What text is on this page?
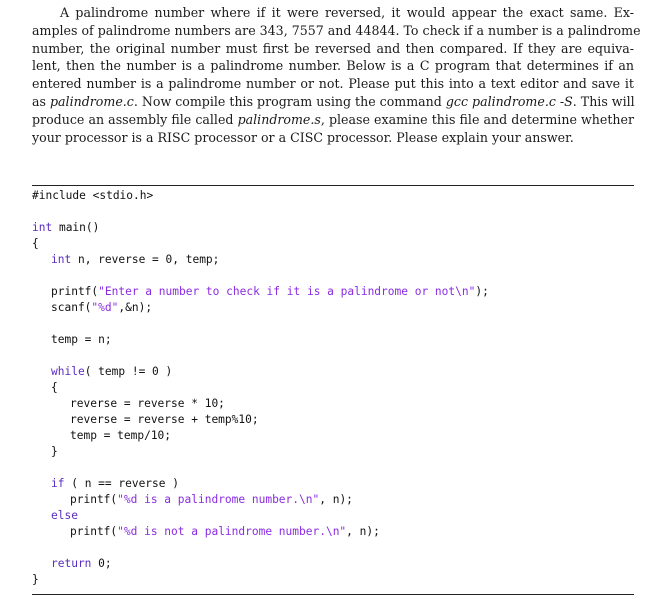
A palindrome number where if it were reversed, it would appear the exact same. Ex-
amples of palindrome numbers are 343, 7557 and 44844. To check if a number is a palindrome
number, the original number must first be reversed and then compared. If they are equiva-
lent, then the number is a palindrome number. Below is a C program that determines if an
entered number is a palindrome number or not. Please put this into a text editor and save it
as palindrome.c. Now compile this program using the command gcc palindrome.c -S. This will
produce an assembly file called palindrome.s, please examine this file and determine whether
your processor is a RISC processor or a CISC processor. Please explain your answer.
#include <stdio.h>
int main()
{
int n, reverse = 0, temp;
printf("Enter a number to check if it is a palindrome or not\n");
scanf("%d",&n);
temp = n;
while( temp != 0 )
{
reverse = reverse * 10;
reverse = reverse + temp%10;
temp = temp/10;
}
if ( n == reverse )
printf("%d is a palindrome number.\n", n);
else
printf("%d is not a palindrome number.\n", n);
return 0;
}
